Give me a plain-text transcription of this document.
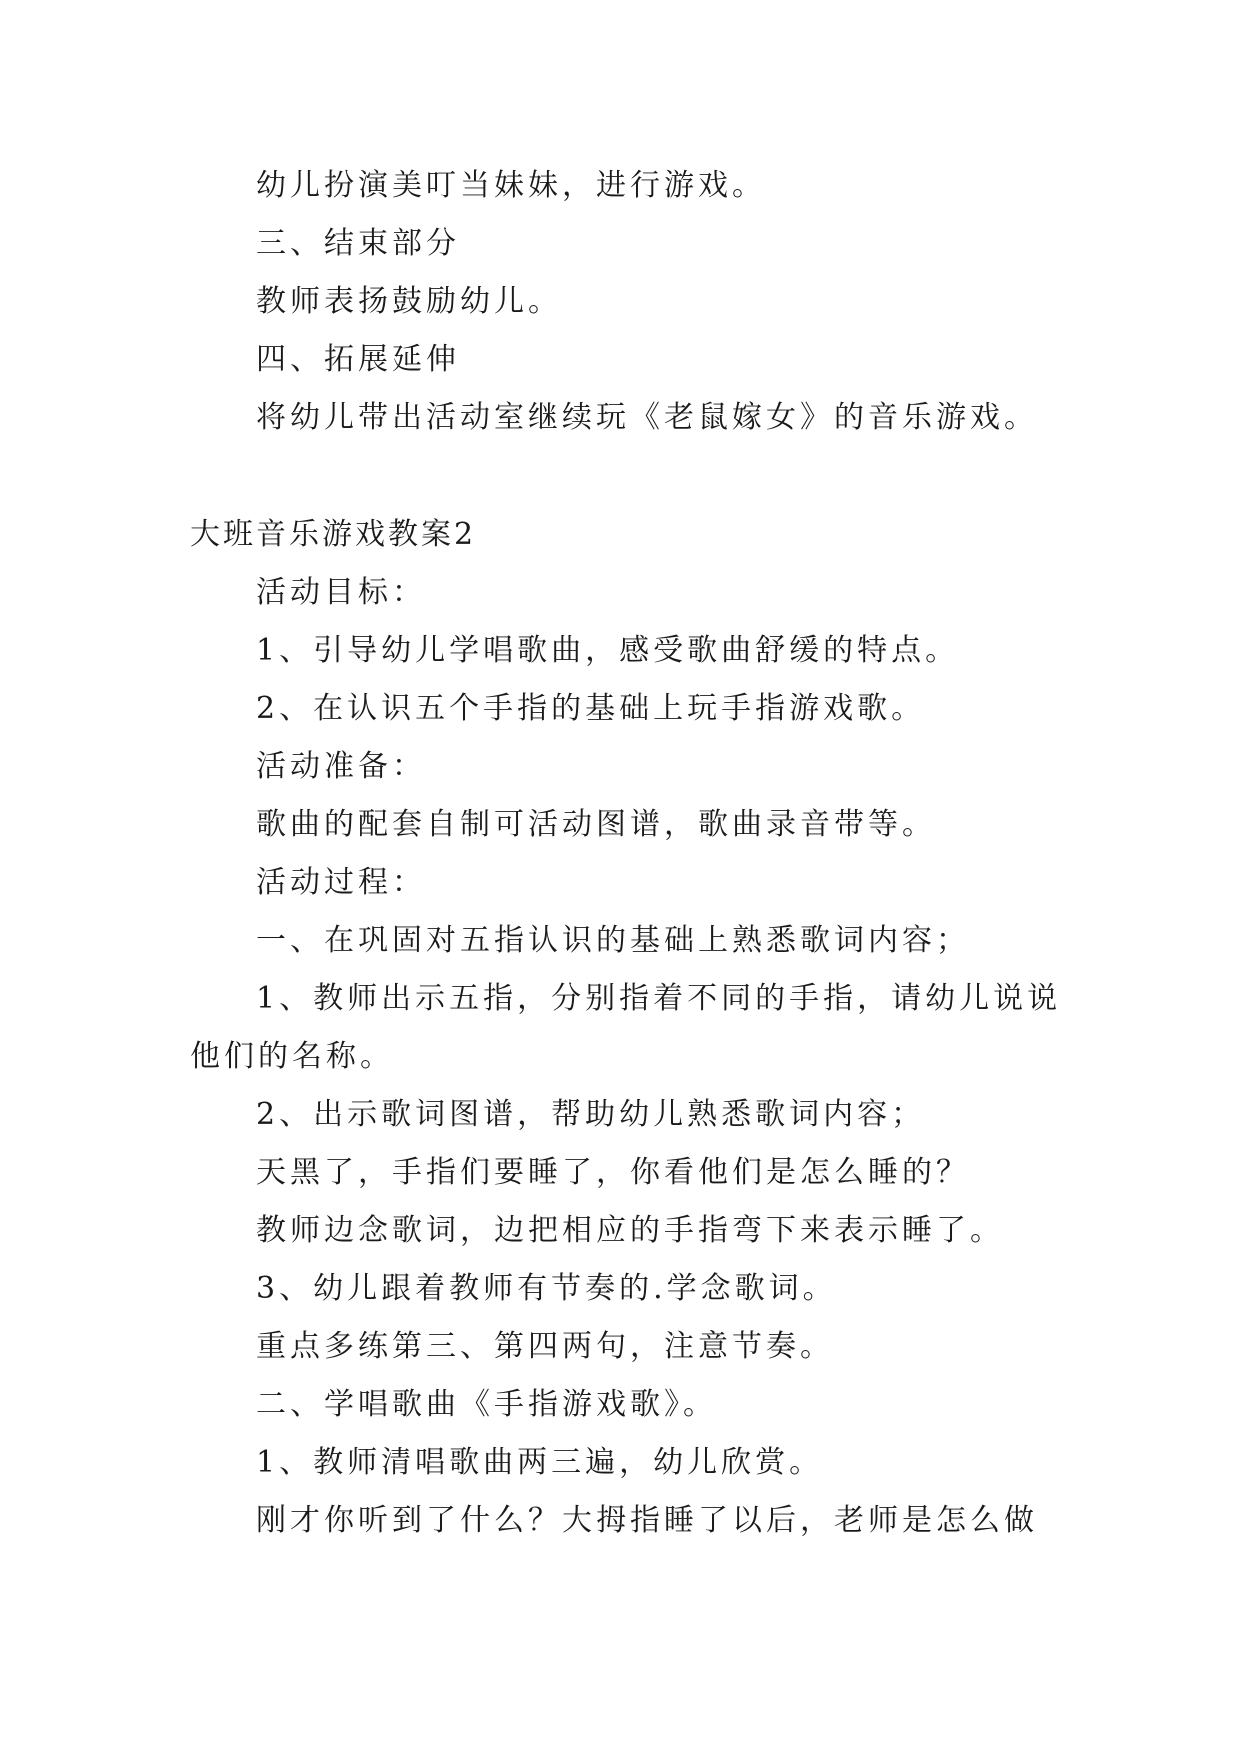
幼儿扮演美叮当妹妹，进行游戏。
三、结束部分
教师表扬鼓励幼儿。
四、拓展延伸
将幼儿带出活动室继续玩《老鼠嫁女》的音乐游戏。
大班音乐游戏教案2
活动目标：
1、引导幼儿学唱歌曲，感受歌曲舒缓的特点。
2、在认识五个手指的基础上玩手指游戏歌。
活动准备：
歌曲的配套自制可活动图谱，歌曲录音带等。
活动过程：
一、在巩固对五指认识的基础上熟悉歌词内容；
1、教师出示五指，分别指着不同的手指，请幼儿说说
他们的名称。
2、出示歌词图谱，帮助幼儿熟悉歌词内容；
天黑了，手指们要睡了，你看他们是怎么睡的？
教师边念歌词，边把相应的手指弯下来表示睡了。
3、幼儿跟着教师有节奏的.学念歌词。
重点多练第三、第四两句，注意节奏。
二、学唱歌曲《手指游戏歌》。
1、教师清唱歌曲两三遍，幼儿欣赏。
刚才你听到了什么？大拇指睡了以后，老师是怎么做
